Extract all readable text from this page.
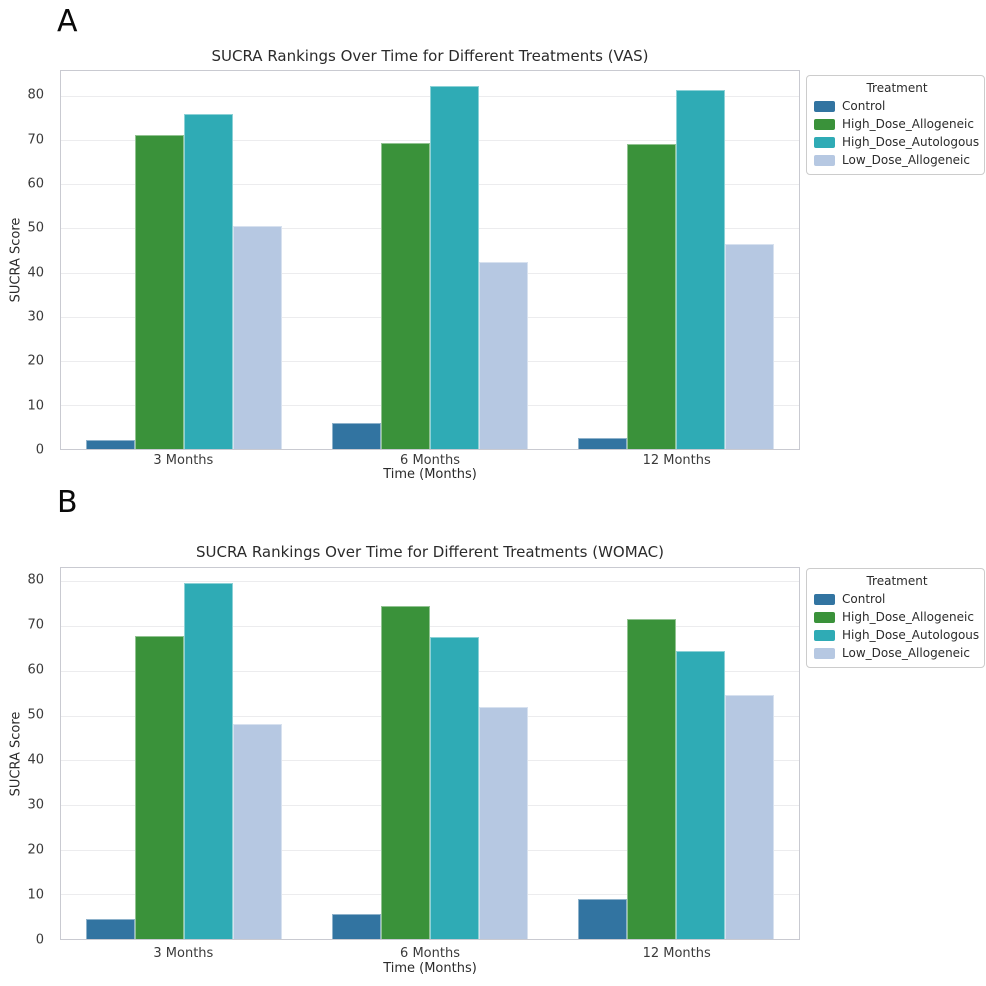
A
SUCRA Rankings Over Time for Different Treatments (VAS)
SUCRA Score
0
10
20
30
40
50
60
70
80
3 Months	6 Months	12 Months
Time (Months)
Treatment
Control
High_Dose_Allogeneic
High_Dose_Autologous
Low_Dose_Allogeneic
B
SUCRA Rankings Over Time for Different Treatments (WOMAC)
SUCRA Score
0
10
20
30
40
50
60
70
80
3 Months	6 Months	12 Months
Time (Months)
Treatment
Control
High_Dose_Allogeneic
High_Dose_Autologous
Low_Dose_Allogeneic
